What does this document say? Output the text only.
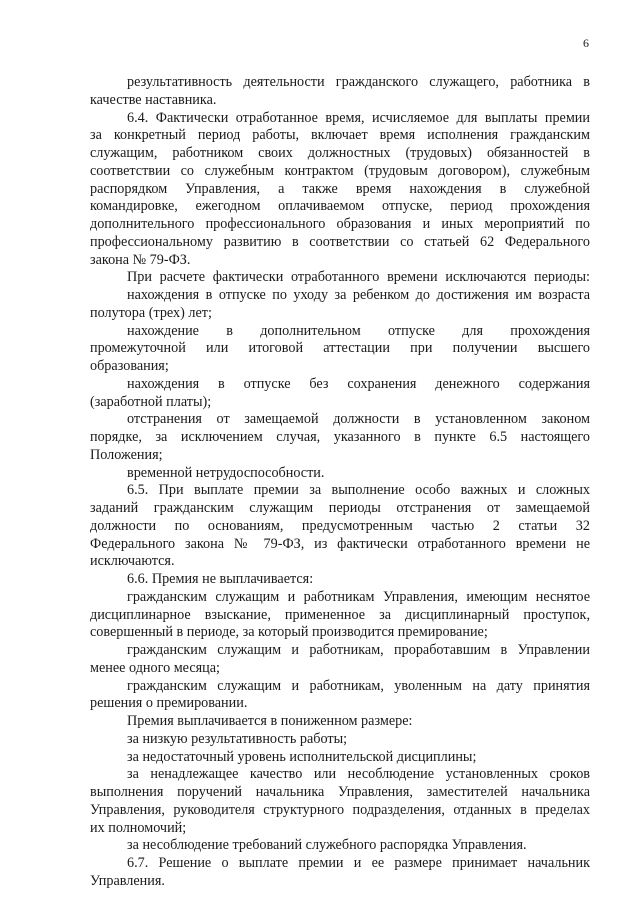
6
результативность деятельности гражданского служащего, работника в
качестве наставника.
6.4. Фактически отработанное время, исчисляемое для выплаты премии
за конкретный период работы, включает время исполнения гражданским
служащим, работником своих должностных (трудовых) обязанностей в
соответствии со служебным контрактом (трудовым договором), служебным
распорядком Управления, а также время нахождения в служебной
командировке, ежегодном оплачиваемом отпуске, период прохождения
дополнительного профессионального образования и иных мероприятий по
профессиональному развитию в соответствии со статьей 62 Федерального
закона № 79-ФЗ.
При расчете фактически отработанного времени исключаются периоды:
нахождения в отпуске по уходу за ребенком до достижения им возраста
полутора (трех) лет;
нахождение в дополнительном отпуске для прохождения
промежуточной или итоговой аттестации при получении высшего
образования;
нахождения в отпуске без сохранения денежного содержания
(заработной платы);
отстранения от замещаемой должности в установленном законом
порядке, за исключением случая, указанного в пункте 6.5 настоящего
Положения;
временной нетрудоспособности.
6.5. При выплате премии за выполнение особо важных и сложных
заданий гражданским служащим периоды отстранения от замещаемой
должности по основаниям, предусмотренным частью 2 статьи 32
Федерального закона № 79-ФЗ, из фактически отработанного времени не
исключаются.
6.6. Премия не выплачивается:
гражданским служащим и работникам Управления, имеющим неснятое
дисциплинарное взыскание, примененное за дисциплинарный проступок,
совершенный в периоде, за который производится премирование;
гражданским служащим и работникам, проработавшим в Управлении
менее одного месяца;
гражданским служащим и работникам, уволенным на дату принятия
решения о премировании.
Премия выплачивается в пониженном размере:
за низкую результативность работы;
за недостаточный уровень исполнительской дисциплины;
за ненадлежащее качество или несоблюдение установленных сроков
выполнения поручений начальника Управления, заместителей начальника
Управления, руководителя структурного подразделения, отданных в пределах
их полномочий;
за несоблюдение требований служебного распорядка Управления.
6.7. Решение о выплате премии и ее размере принимает начальник
Управления.
